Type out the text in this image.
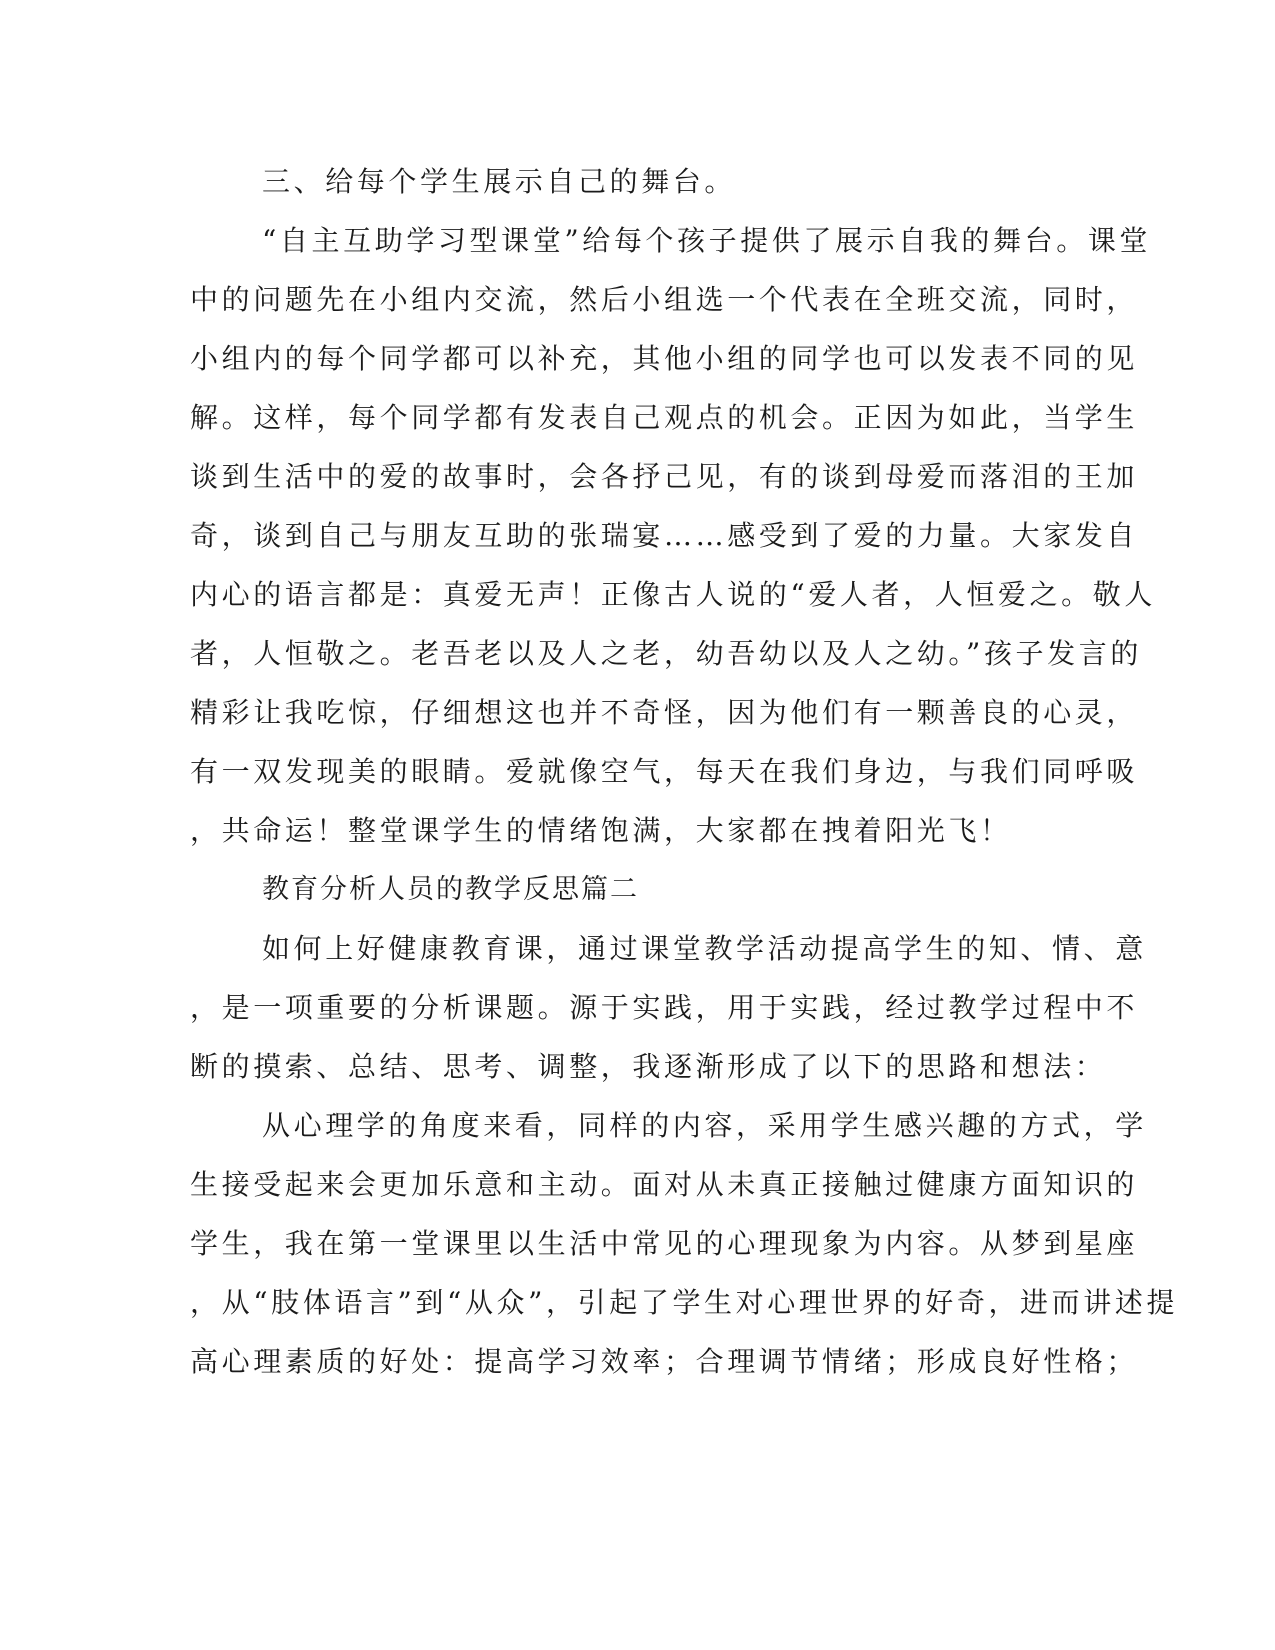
三、给每个学生展示自己的舞台。
“自主互助学习型课堂”给每个孩子提供了展示自我的舞台。课堂
中的问题先在小组内交流，然后小组选一个代表在全班交流，同时，
小组内的每个同学都可以补充，其他小组的同学也可以发表不同的见
解。这样，每个同学都有发表自己观点的机会。正因为如此，当学生
谈到生活中的爱的故事时，会各抒己见，有的谈到母爱而落泪的王加
奇，谈到自己与朋友互助的张瑞宴……感受到了爱的力量。大家发自
内心的语言都是：真爱无声！正像古人说的“爱人者，人恒爱之。敬人
者，人恒敬之。老吾老以及人之老，幼吾幼以及人之幼。”孩子发言的
精彩让我吃惊，仔细想这也并不奇怪，因为他们有一颗善良的心灵，
有一双发现美的眼睛。爱就像空气，每天在我们身边，与我们同呼吸
，共命运！整堂课学生的情绪饱满，大家都在拽着阳光飞！
教育分析人员的教学反思篇二
如何上好健康教育课，通过课堂教学活动提高学生的知、情、意
，是一项重要的分析课题。源于实践，用于实践，经过教学过程中不
断的摸索、总结、思考、调整，我逐渐形成了以下的思路和想法：
从心理学的角度来看，同样的内容，采用学生感兴趣的方式，学
生接受起来会更加乐意和主动。面对从未真正接触过健康方面知识的
学生，我在第一堂课里以生活中常见的心理现象为内容。从梦到星座
，从“肢体语言”到“从众”，引起了学生对心理世界的好奇，进而讲述提
高心理素质的好处：提高学习效率；合理调节情绪；形成良好性格；
